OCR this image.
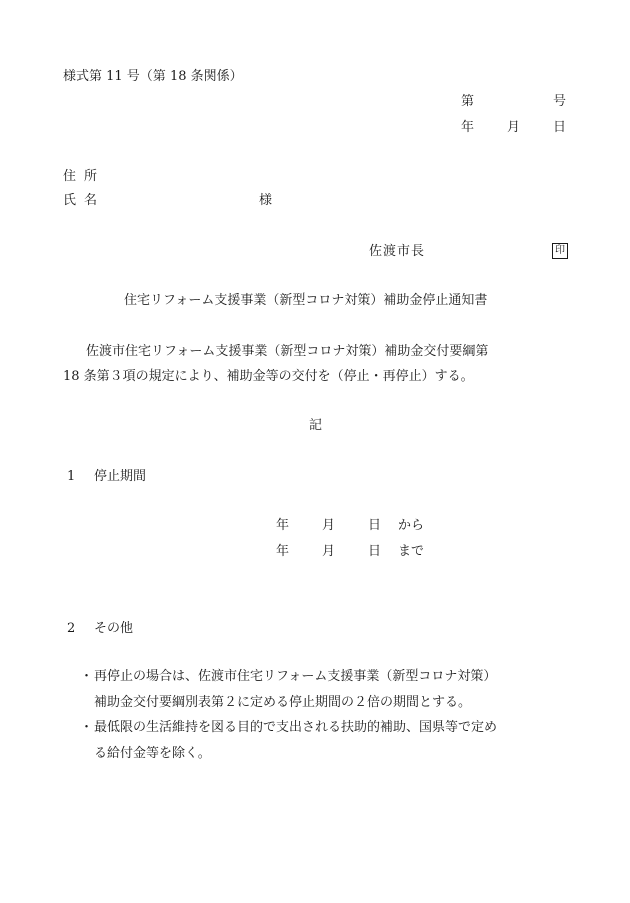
様式第 11 号（第 18 条関係）
第	号
年	月	日
住所
氏名	様
佐渡市長	印
住宅リフォーム支援事業（新型コロナ対策）補助金停止通知書
佐渡市住宅リフォーム支援事業（新型コロナ対策）補助金交付要綱第
18 条第３項の規定により、補助金等の交付を（停止・再停止）する。
記
1 停止期間
年	月	日 から
年	月	日 まで
2 その他
・ 再停止の場合は、佐渡市住宅リフォーム支援事業（新型コロナ対策）
補助金交付要綱別表第２に定める停止期間の２倍の期間とする。
・ 最低限の生活維持を図る目的で支出される扶助的補助、国県等で定め
る給付金等を除く。
